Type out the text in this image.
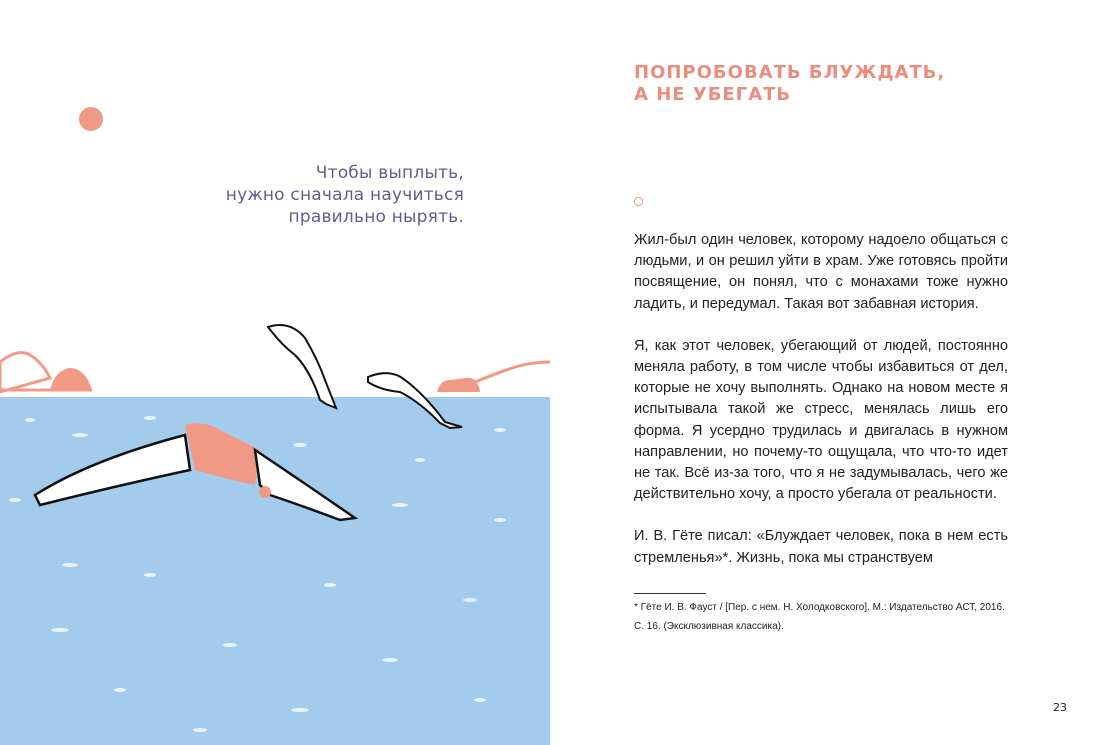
Чтобы выплыть,
нужно сначала научиться
правильно нырять.
ПОПРОБОВАТЬ БЛУЖДАТЬ,
А НЕ УБЕГАТЬ

Жил-был один человек, которому надоело общаться с людьми, и он решил уйти в храм. Уже готовясь пройти посвящение, он понял, что с монахами тоже нужно ладить, и передумал. Такая вот забавная история.

Я, как этот человек, убегающий от людей, постоянно меняла работу, в том числе чтобы избавиться от дел, которые не хочу выполнять. Однако на новом месте я испытывала такой же стресс, менялась лишь его форма. Я усердно трудилась и двигалась в нужном направлении, но почему-то ощущала, что что-то идет не так. Всё из-за того, что я не задумывалась, чего же действительно хочу, а просто убегала от реальности.

И. В. Гёте писал: «Блуждает человек, пока в нем есть стремленья»*. Жизнь, пока мы странствуем

* Гёте И. В. Фауст / [Пер. с нем. Н. Холодковского]. М.: Издательство АСТ, 2016. С. 16. (Эксклюзивная классика).
23
